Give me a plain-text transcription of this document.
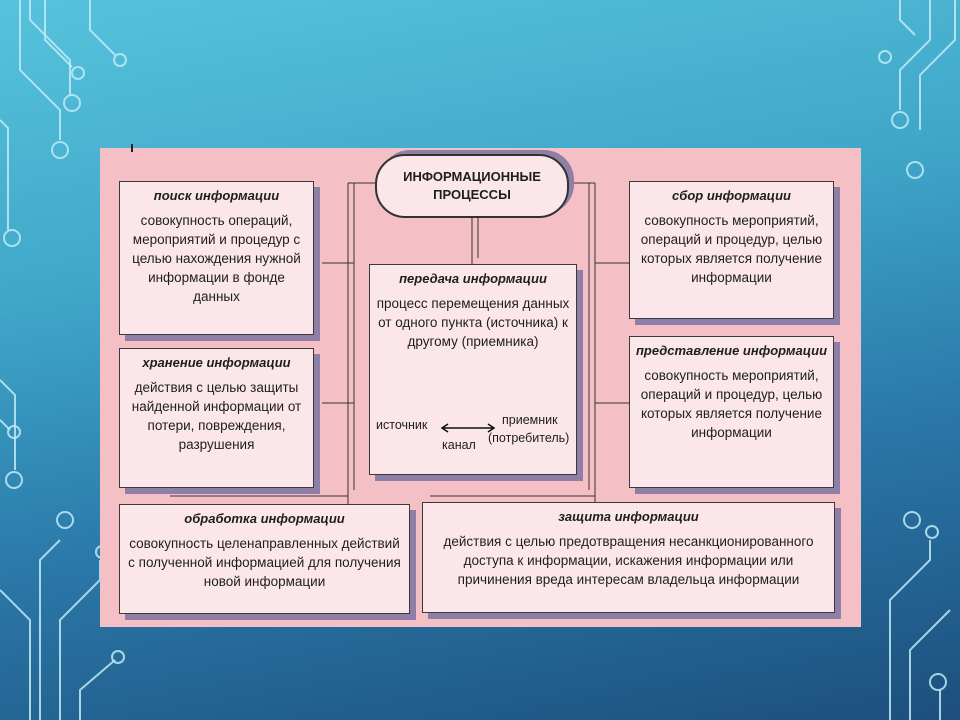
ИНФОРМАЦИОННЫЕ
ПРОЦЕССЫ
поиск информации
совокупность операций, мероприятий и процедур с целью нахождения нужной информации в фонде данных
хранение информации
действия с целью защиты найденной информации от потери, повреждения, разрушения
обработка информации
совокупность целенаправленных действий с полученной информацией для получения новой информации
передача информации
процесс перемещения данных от одного пункта (источника) к другому (приемника)
источник
канал
приемник
(потребитель)
сбор информации
совокупность мероприятий, операций и процедур, целью которых является получение информации
представление информации
совокупность мероприятий, операций и процедур, целью которых является получение информации
защита информации
действия с целью предотвращения несанкционированного доступа к информации, искажения информации или причинения вреда интересам владельца информации
